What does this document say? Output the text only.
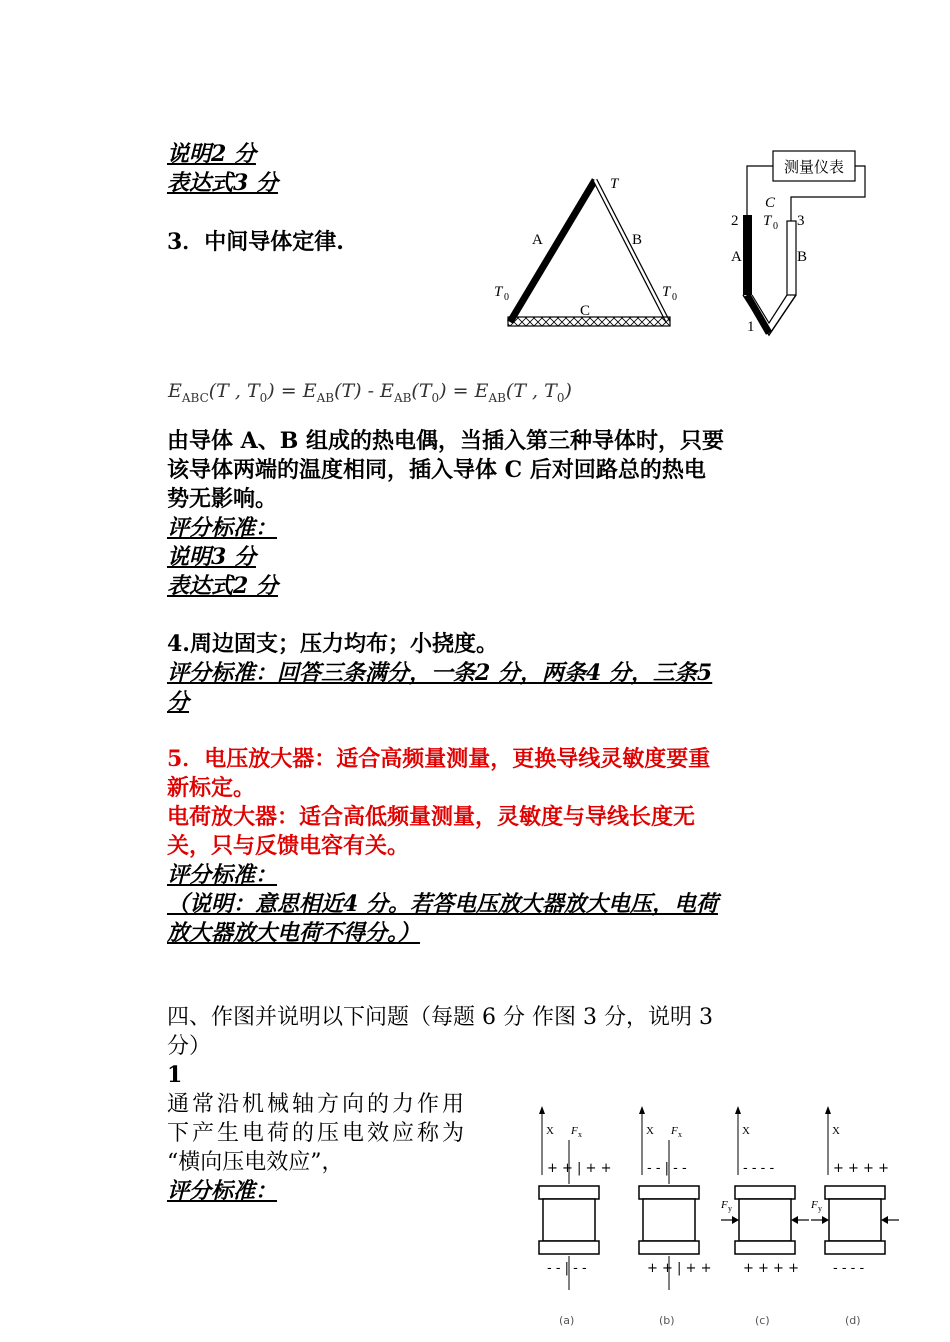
说明2 分
表达式3 分
3．中间导体定律.
T
A	B
C
T 0	T 0
测量仪表
C
T 0
2	3
A	B
1
$E_{ABC}(T$ , $T_0) = E_{AB}(T) - E_{AB}(T_0) = E_{AB}(T$ , $T_0$)
由导体 A、B 组成的热电偶，当插入第三种导体时，只要
该导体两端的温度相同，插入导体 C 后对回路总的热电
势无影响。
评分标准：
说明3 分
表达式2 分
4.周边固支；压力均布；小挠度。
评分标准：回答三条满分，一条2 分，两条4 分，三条5
分
5．电压放大器：适合高频量测量，更换导线灵敏度要重
新标定。
电荷放大器：适合高低频量测量，灵敏度与导线长度无
关，只与反馈电容有关。
评分标准：
（说明：意思相近4 分。若答电压放大器放大电压，电荷
放大器放大电荷不得分。）
四、作图并说明以下问题（每题 6 分 作图 3 分，说明 3
分）
1
通常沿机械轴方向的力作用
下产生电荷的压电效应称为
“横向压电效应”，
评分标准：
X
+ + | + +
- - | - -
F x
(a)
X
- - | - -
+ + | + +
F x
(b)
X
- - - -
+ + + +
F y
(c)
X
+ + + +
- - - -
F y
(d)
